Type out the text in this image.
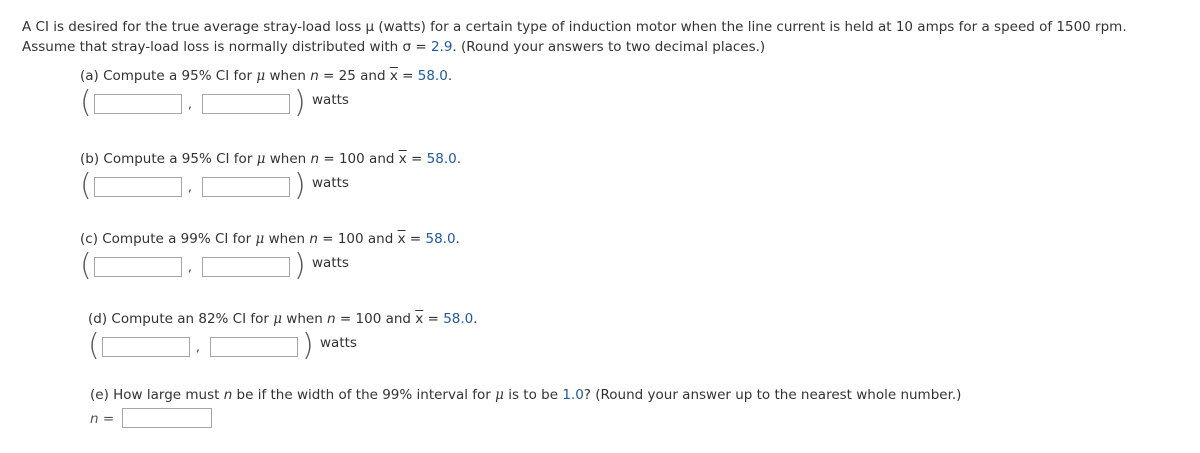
A CI is desired for the true average stray-load loss μ (watts) for a certain type of induction motor when the line current is held at 10 amps for a speed of 1500 rpm.
Assume that stray-load loss is normally distributed with σ = 2.9. (Round your answers to two decimal places.)
(a) Compute a 95% CI for μ when n = 25 and $\overline{x} = 58.0$.
(	,	) watts
(b) Compute a 95% CI for μ when n = 100 and $\overline{x} = 58.0$.
(	,	) watts
(c) Compute a 99% CI for μ when n = 100 and $\overline{x} = 58.0$.
(	,	) watts
(d) Compute an 82% CI for μ when n = 100 and $\overline{x} = 58.0$.
(	,	) watts
(e) How large must n be if the width of the 99% interval for μ is to be 1.0? (Round your answer up to the nearest whole number.)
n =
